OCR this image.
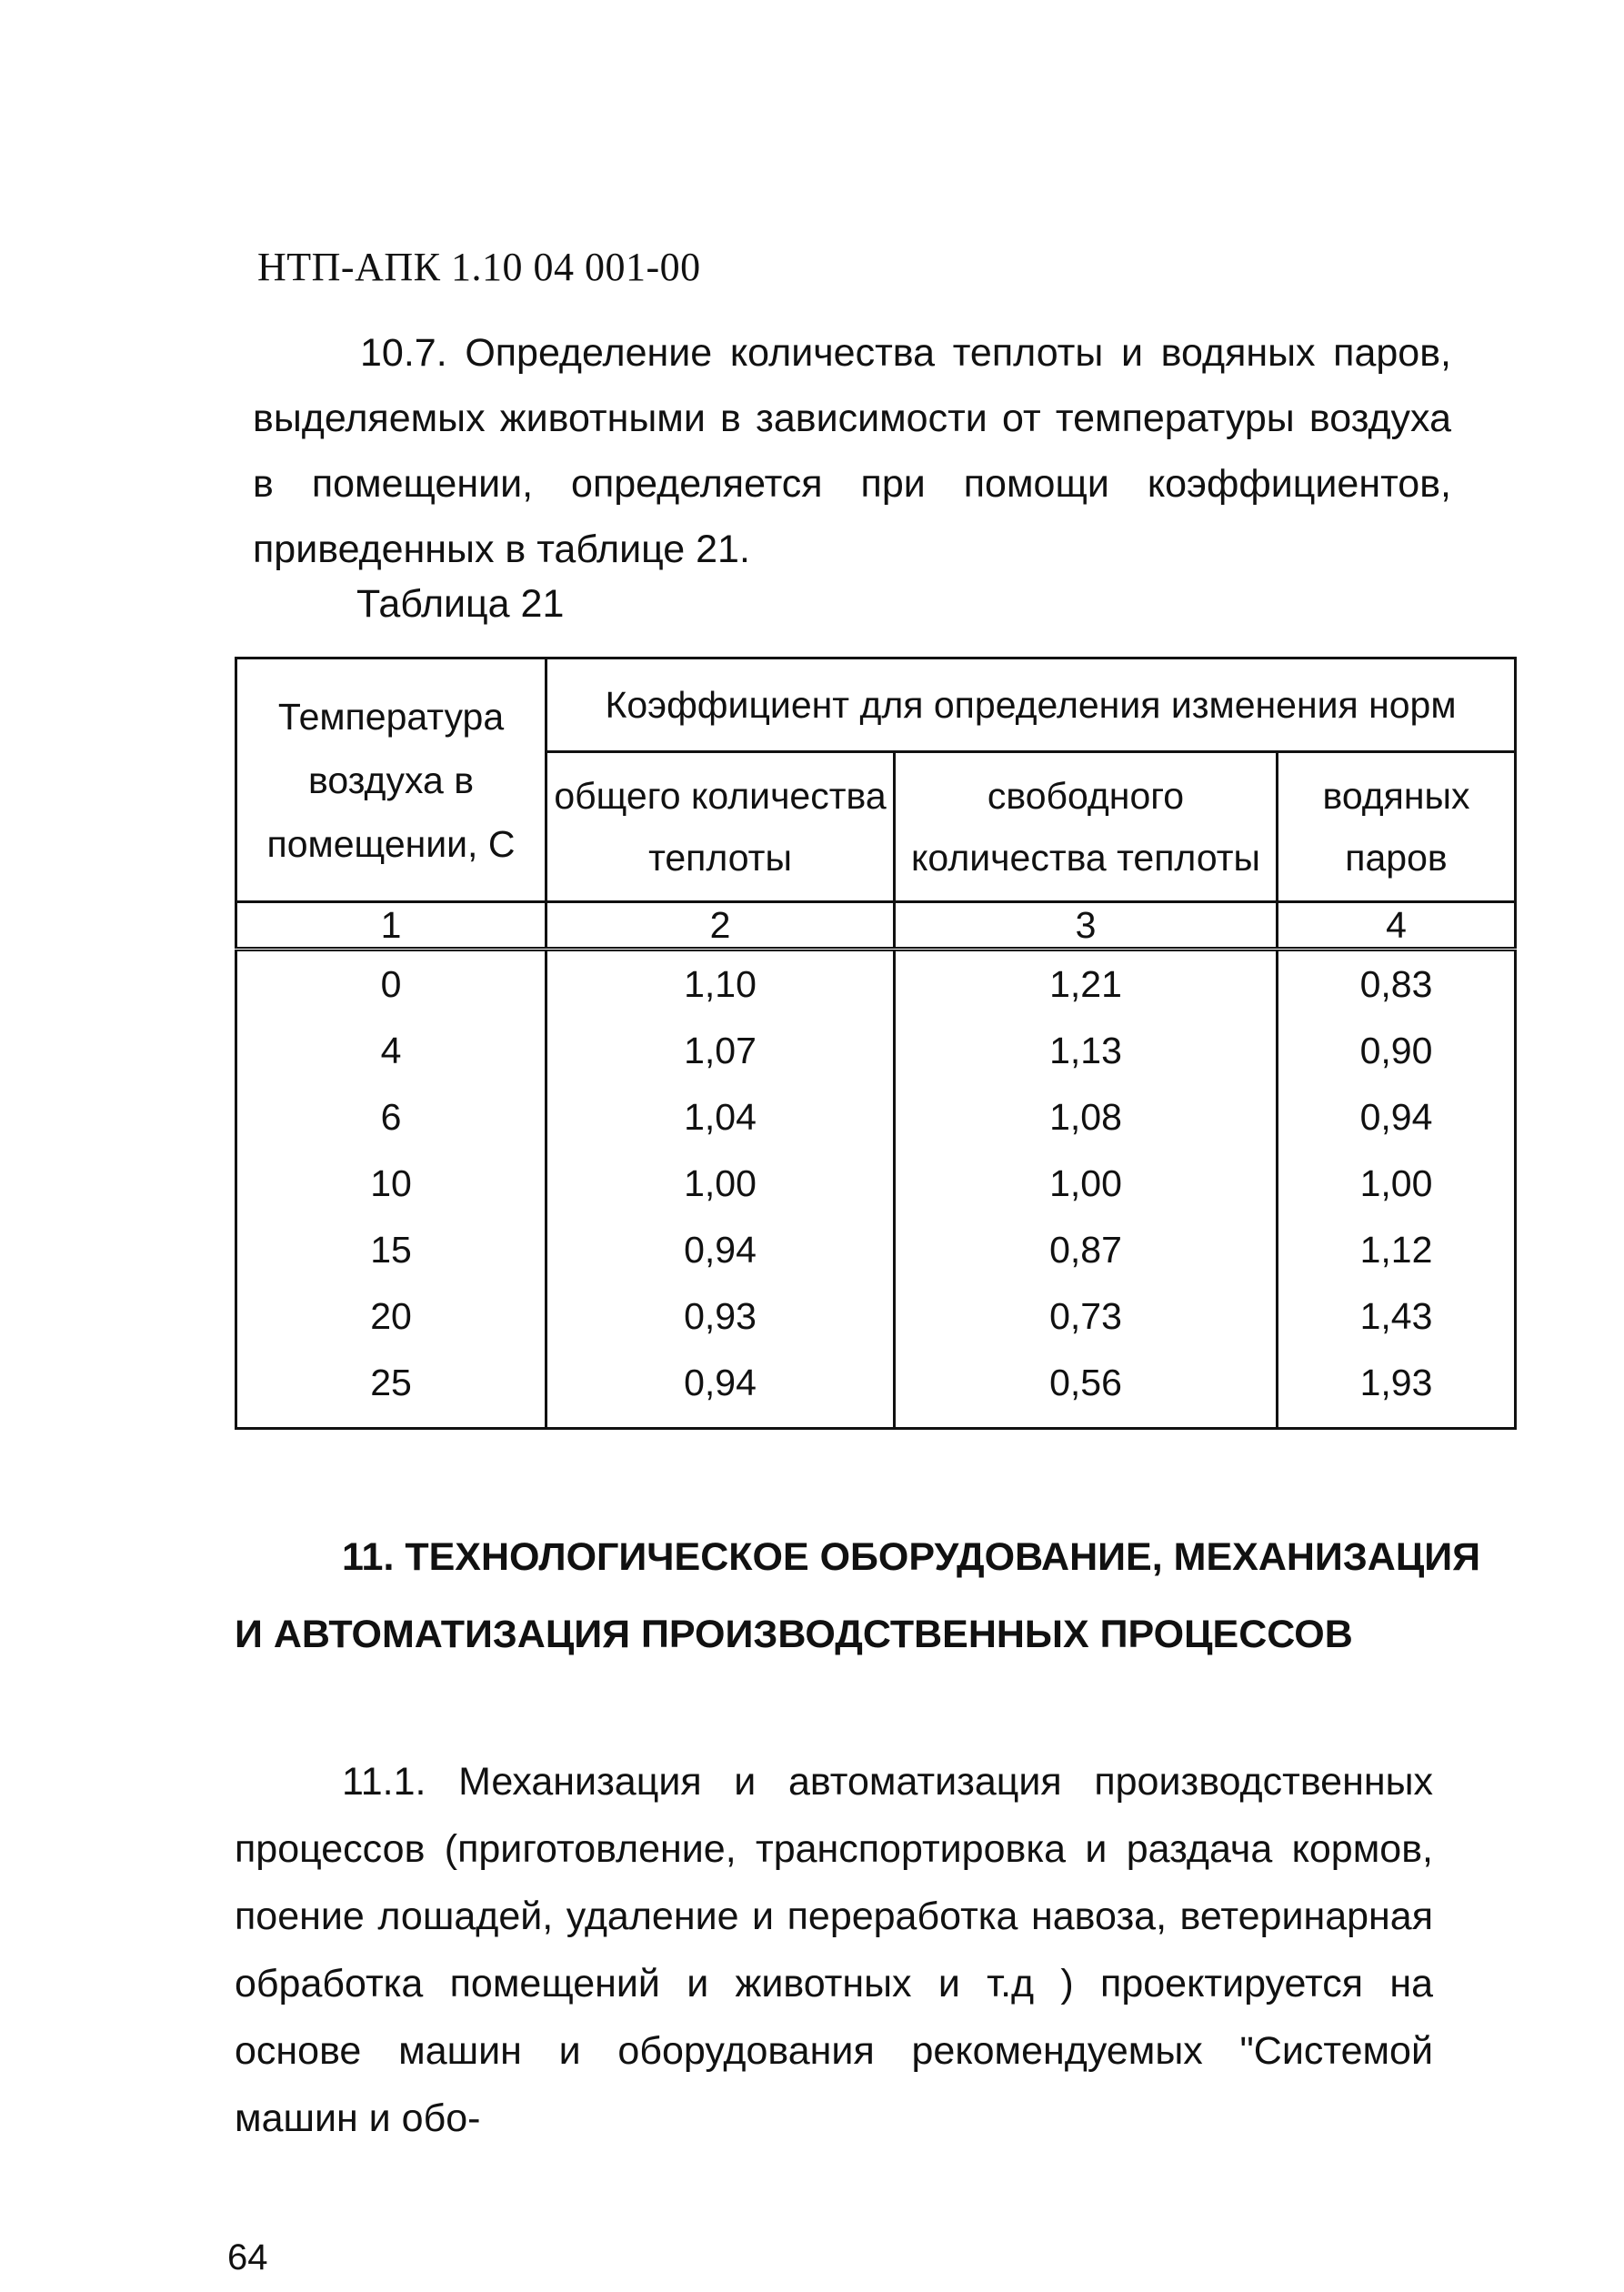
НТП-АПК 1.10 04 001-00

10.7. Определение количества теплоты и водяных паров, выделяемых животными в зависимости от температуры воздуха в помещении, определяется при помощи коэффициентов, приведенных в таблице 21.

Таблица 21
Температура воздуха в помещении, С	Коэффициент для определения изменения норм		
	общего количества теплоты	свободного количества теплоты	водяных паров
1	2	3	4
0	1,10	1,21	0,83
4	1,07	1,13	0,90
6	1,04	1,08	0,94
10	1,00	1,00	1,00
15	0,94	0,87	1,12
20	0,93	0,73	1,43
25	0,94	0,56	1,93
11. ТЕХНОЛОГИЧЕСКОЕ ОБОРУДОВАНИЕ, МЕХАНИЗАЦИЯ И АВТОМАТИЗАЦИЯ ПРОИЗВОДСТВЕННЫХ ПРОЦЕССОВ

11.1. Механизация и автоматизация производственных процессов (приготовление, транспортировка и раздача кормов, поение лошадей, удаление и переработка навоза, ветеринарная обработка помещений и животных и т.д ) проектируется на основе машин и оборудования рекомендуемых "Системой машин и обо-

64
